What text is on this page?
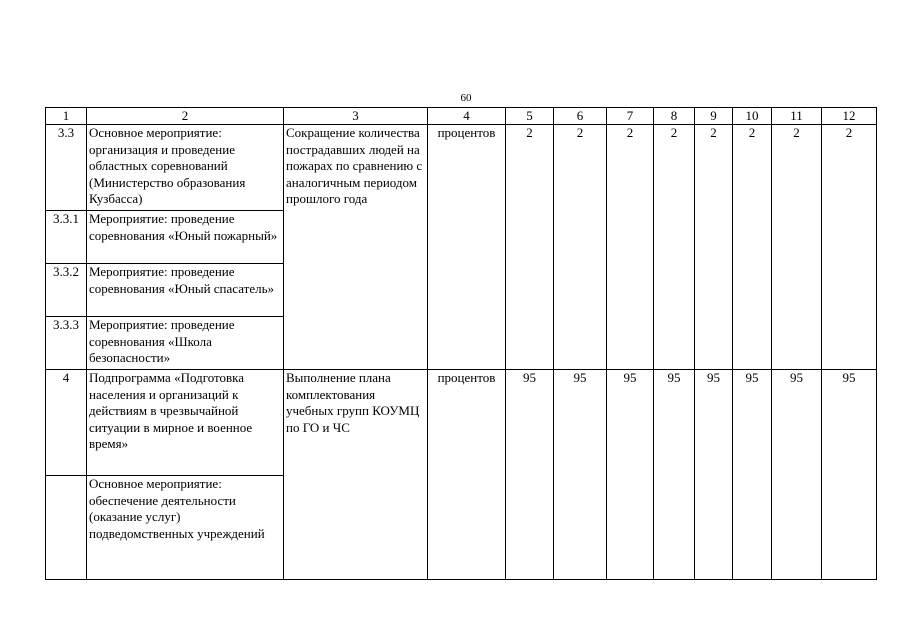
60
1	2	3	4	5	6	7	8	9	10	11	12
3.3	Основное мероприятие: организация и проведение областных соревнований (Министерство образования Кузбасса)	Сокращение количества пострадавших людей на пожарах по сравнению с аналогичным периодом прошлого года	процентов	2	2	2	2	2	2	2	2
3.3.1	Мероприятие: проведение соревнования «Юный пожарный»										
3.3.2	Мероприятие: проведение соревнования «Юный спасатель»										
3.3.3	Мероприятие: проведение соревнования «Школа безопасности»										
4	Подпрограмма «Подготовка населения и организаций к действиям в чрезвычайной ситуации в мирное и военное время»	Выполнение плана комплектования учебных групп КОУМЦ по ГО и ЧС	процентов	95	95	95	95	95	95	95	95
	Основное мероприятие: обеспечение деятельности (оказание услуг) подведомственных учреждений										
